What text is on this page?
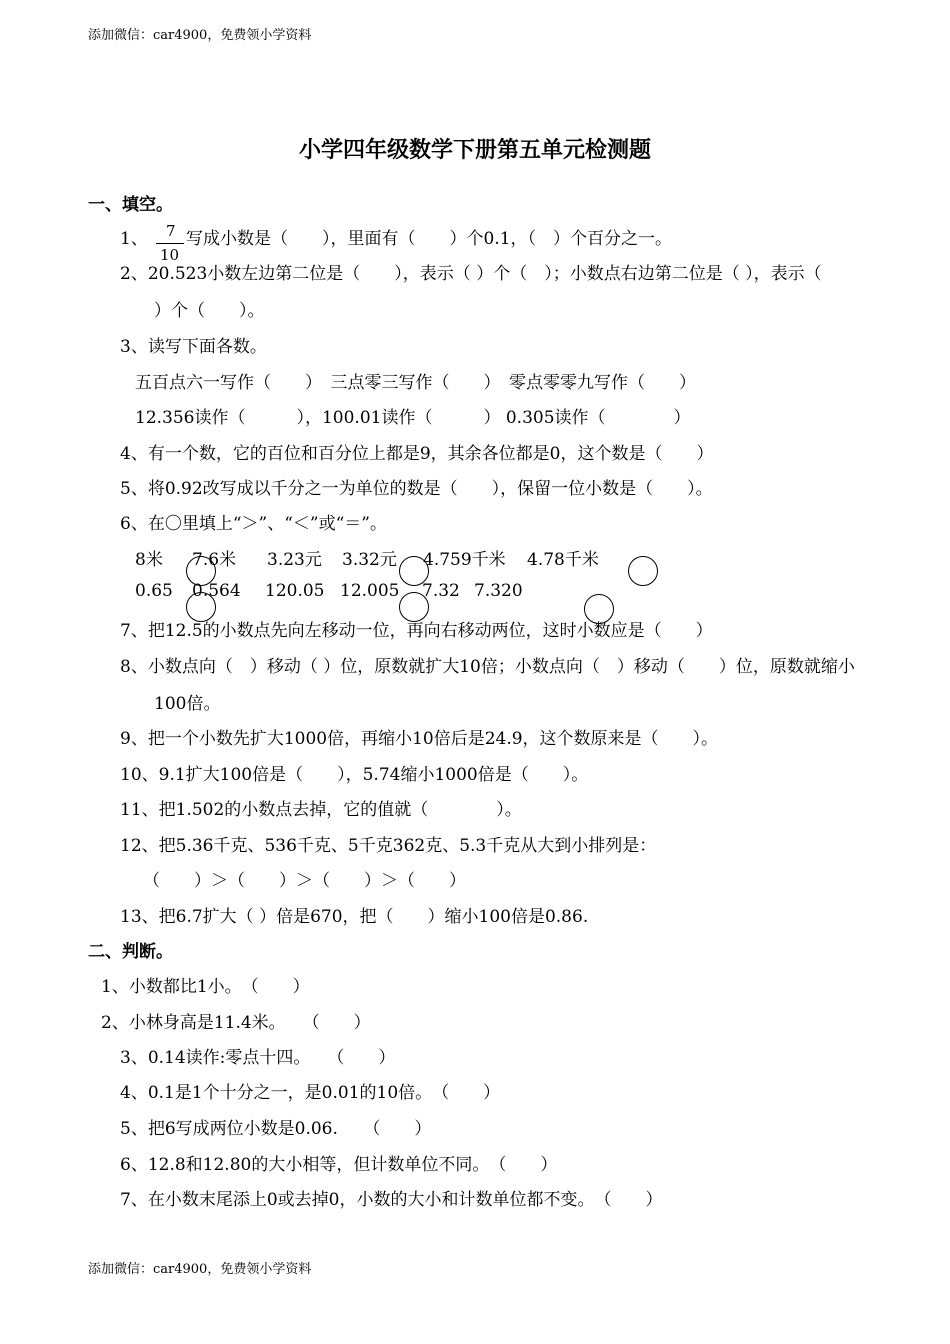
添加微信：car4900，免费领小学资料
小学四年级数学下册第五单元检测题
一、填空。
1、 7
10
写成小数是（　　），里面有（　　）个0.1，（　）个百分之一。
2、20.523小数左边第二位是（　　），表示（ ）个（　）；小数点右边第二位是（ ），表示（
）个（　　）。
3、读写下面各数。
五百点六一写作（　　）　三点零三写作（　　）　零点零零九写作（　　）
12.356读作（　　　），100.01读作（　　　） 0.305读作（　　　　）
4、有一个数，它的百位和百分位上都是9，其余各位都是0，这个数是（　　）
5、将0.92改写成以千分之一为单位的数是（　　），保留一位小数是（　　）。
6、在〇里填上“＞”、“＜”或“＝”。
8米 7.6米 3.23元 3.32元 4.759千米 4.78千米
0.65 0.564 120.05 12.005 7.32 7.320
7、把12.5的小数点先向左移动一位，再向右移动两位，这时小数应是（　　）
8、小数点向（　）移动（ ）位，原数就扩大10倍；小数点向（　）移动（　　）位，原数就缩小
100倍。
9、把一个小数先扩大1000倍，再缩小10倍后是24.9，这个数原来是（　　）。
10、9.1扩大100倍是（　　），5.74缩小1000倍是（　　）。
11、把1.502的小数点去掉，它的值就（　　　　）。
12、把5.36千克、536千克、5千克362克、5.3千克从大到小排列是：
（　　）＞（　　）＞（　　）＞（　　）
13、把6.7扩大（ ）倍是670，把（　　）缩小100倍是0.86.
二、判断。
1、小数都比1小。　（　　）
2、小林身高是11.4米。　　（　　）
3、0.14读作:零点十四。　　（　　）
4、0.1是1个十分之一，是0.01的10倍。　（　　）
5、把6写成两位小数是0.06.　　（　　）
6、12.8和12.80的大小相等，但计数单位不同。　（　　）
7、在小数末尾添上0或去掉0，小数的大小和计数单位都不变。　（　　）
添加微信：car4900，免费领小学资料
